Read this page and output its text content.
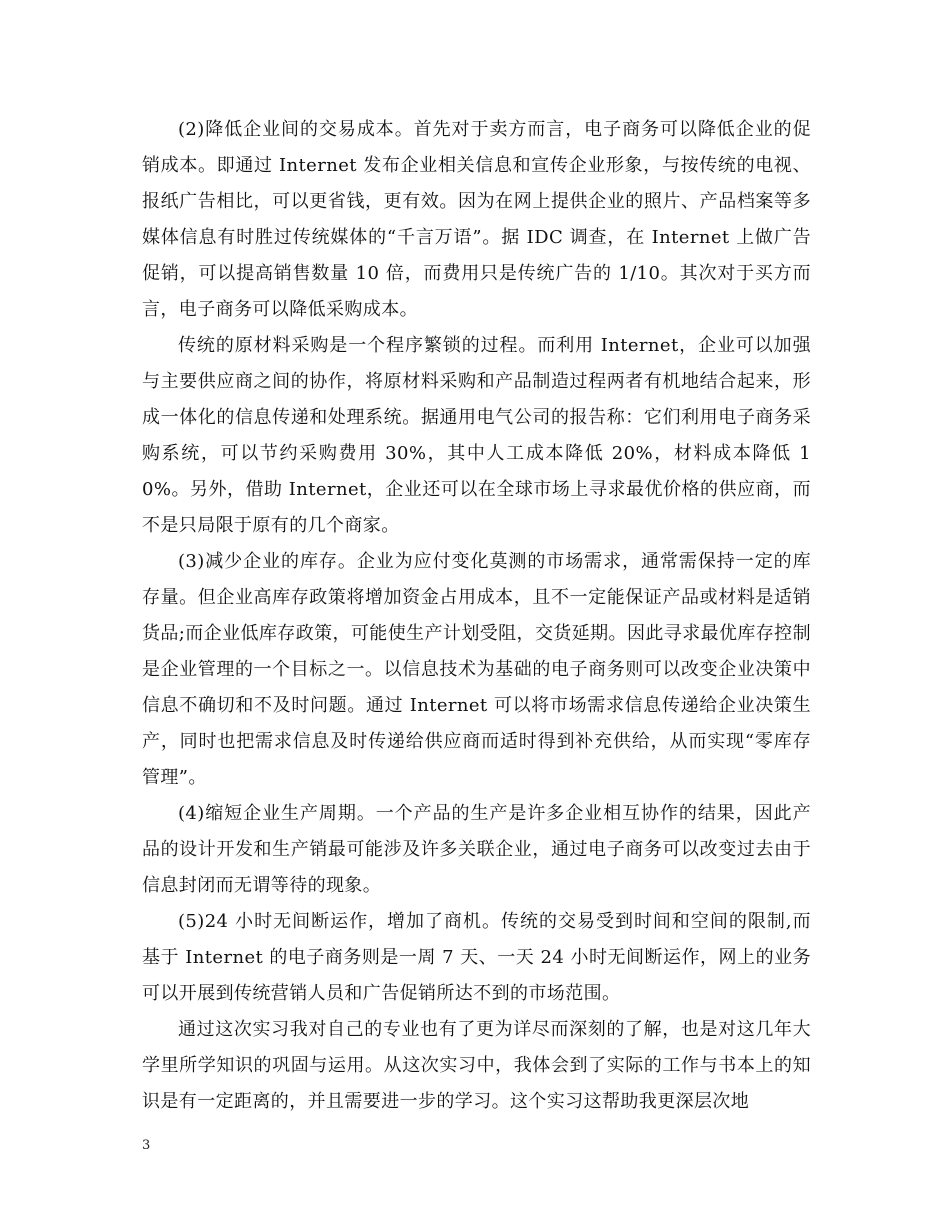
(2)降低企业间的交易成本。首先对于卖方而言，电子商务可以降低企业的促销成本。即通过 Internet 发布企业相关信息和宣传企业形象，与按传统的电视、报纸广告相比，可以更省钱，更有效。因为在网上提供企业的照片、产品档案等多媒体信息有时胜过传统媒体的“千言万语”。据 IDC 调查，在 Internet 上做广告促销，可以提高销售数量 10 倍，而费用只是传统广告的 1/10。其次对于买方而言，电子商务可以降低采购成本。

传统的原材料采购是一个程序繁锁的过程。而利用 Internet，企业可以加强与主要供应商之间的协作，将原材料采购和产品制造过程两者有机地结合起来，形成一体化的信息传递和处理系统。据通用电气公司的报告称：它们利用电子商务采购系统，可以节约采购费用 30%，其中人工成本降低 20%，材料成本降低 10%。另外，借助 Internet，企业还可以在全球市场上寻求最优价格的供应商，而不是只局限于原有的几个商家。

(3)减少企业的库存。企业为应付变化莫测的市场需求，通常需保持一定的库存量。但企业高库存政策将增加资金占用成本，且不一定能保证产品或材料是适销货品;而企业低库存政策，可能使生产计划受阻，交货延期。因此寻求最优库存控制是企业管理的一个目标之一。以信息技术为基础的电子商务则可以改变企业决策中信息不确切和不及时问题。通过 Internet 可以将市场需求信息传递给企业决策生产，同时也把需求信息及时传递给供应商而适时得到补充供给，从而实现“零库存管理”。

(4)缩短企业生产周期。一个产品的生产是许多企业相互协作的结果，因此产品的设计开发和生产销最可能涉及许多关联企业，通过电子商务可以改变过去由于信息封闭而无谓等待的现象。

(5)24 小时无间断运作，增加了商机。传统的交易受到时间和空间的限制,而基于 Internet 的电子商务则是一周 7 天、一天 24 小时无间断运作，网上的业务可以开展到传统营销人员和广告促销所达不到的市场范围。

通过这次实习我对自己的专业也有了更为详尽而深刻的了解，也是对这几年大学里所学知识的巩固与运用。从这次实习中，我体会到了实际的工作与书本上的知识是有一定距离的，并且需要进一步的学习。这个实习这帮助我更深层次地

3
